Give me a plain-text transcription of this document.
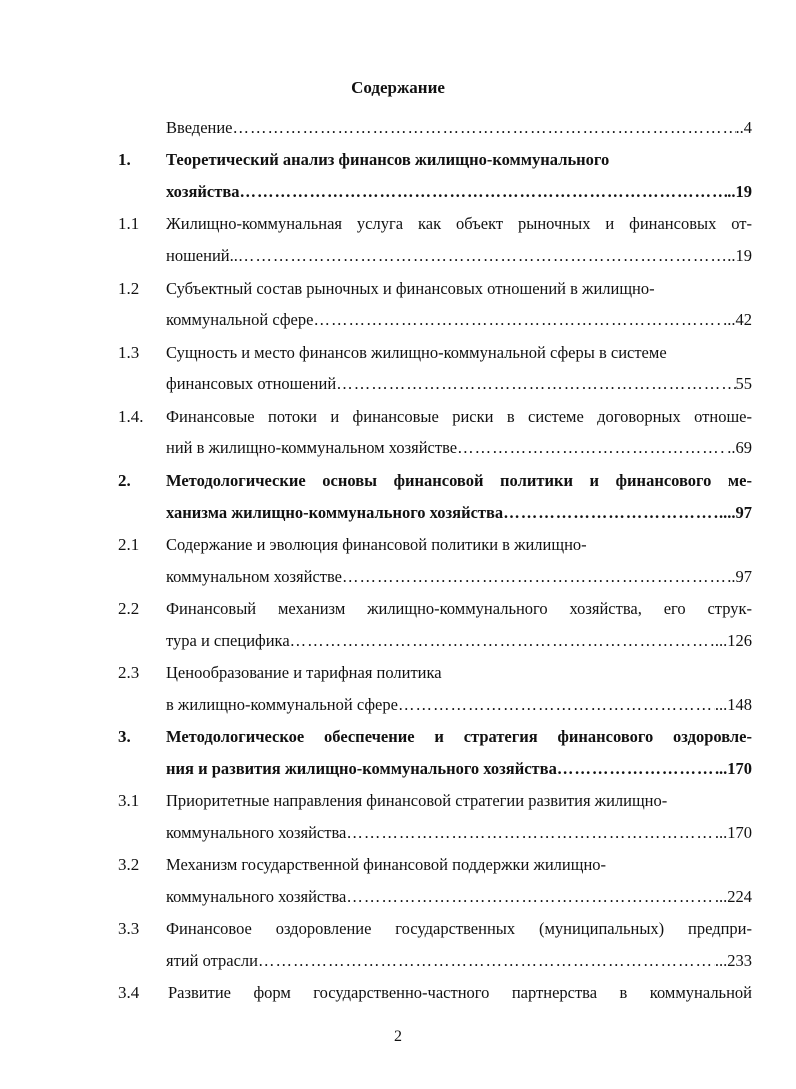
Содержание
Введение ……………………………………………………………………………………………………………………………………………………………………………………………	..4
1. Теоретический анализ финансов жилищно-коммунального
хозяйства ……………………………………………………………………………………………………………………………………………………………………………………………	..19
1.1 Жилищно-коммунальная услуга как объект рыночных и финансовых от-
ношений.. ……………………………………………………………………………………………………………………………………………………………………………………………	..19
1.2 Субъектный состав рыночных и финансовых отношений в жилищно-
коммунальной сфере ……………………………………………………………………………………………………………………………………………………………………………………………	...42
1.3 Сущность и место финансов жилищно-коммунальной сферы в системе
финансовых отношений ……………………………………………………………………………………………………………………………………………………………………………………………	55
1.4. Финансовые потоки и финансовые риски в системе договорных отноше-
ний в жилищно-коммунальном хозяйстве ……………………………………………………………………………………………………………………………………………………………………………………………	..69
2. Методологические основы финансовой политики и финансового ме-
ханизма жилищно-коммунального хозяйства ……………………………………………………………………………………………………………………………………………………………………………………………	....97
2.1 Содержание и эволюция финансовой политики в жилищно-
коммунальном хозяйстве ……………………………………………………………………………………………………………………………………………………………………………………………	..97
2.2 Финансовый механизм жилищно-коммунального хозяйства, его струк-
тура и специфика ……………………………………………………………………………………………………………………………………………………………………………………………	...126
2.3 Ценообразование и тарифная политика
в жилищно-коммунальной сфере ……………………………………………………………………………………………………………………………………………………………………………………………	...148
3. Методологическое обеспечение и стратегия финансового оздоровле-
ния и развития жилищно-коммунального хозяйства ……………………………………………………………………………………………………………………………………………………………………………………………	..170
3.1 Приоритетные направления финансовой стратегии развития жилищно-
коммунального хозяйства ……………………………………………………………………………………………………………………………………………………………………………………………	...170
3.2 Механизм государственной финансовой поддержки жилищно-
коммунального хозяйства ……………………………………………………………………………………………………………………………………………………………………………………………	...224
3.3 Финансовое оздоровление государственных (муниципальных) предпри-
ятий отрасли ……………………………………………………………………………………………………………………………………………………………………………………………	...233
3.4 Развитие форм государственно-частного партнерства в коммунальной
2
